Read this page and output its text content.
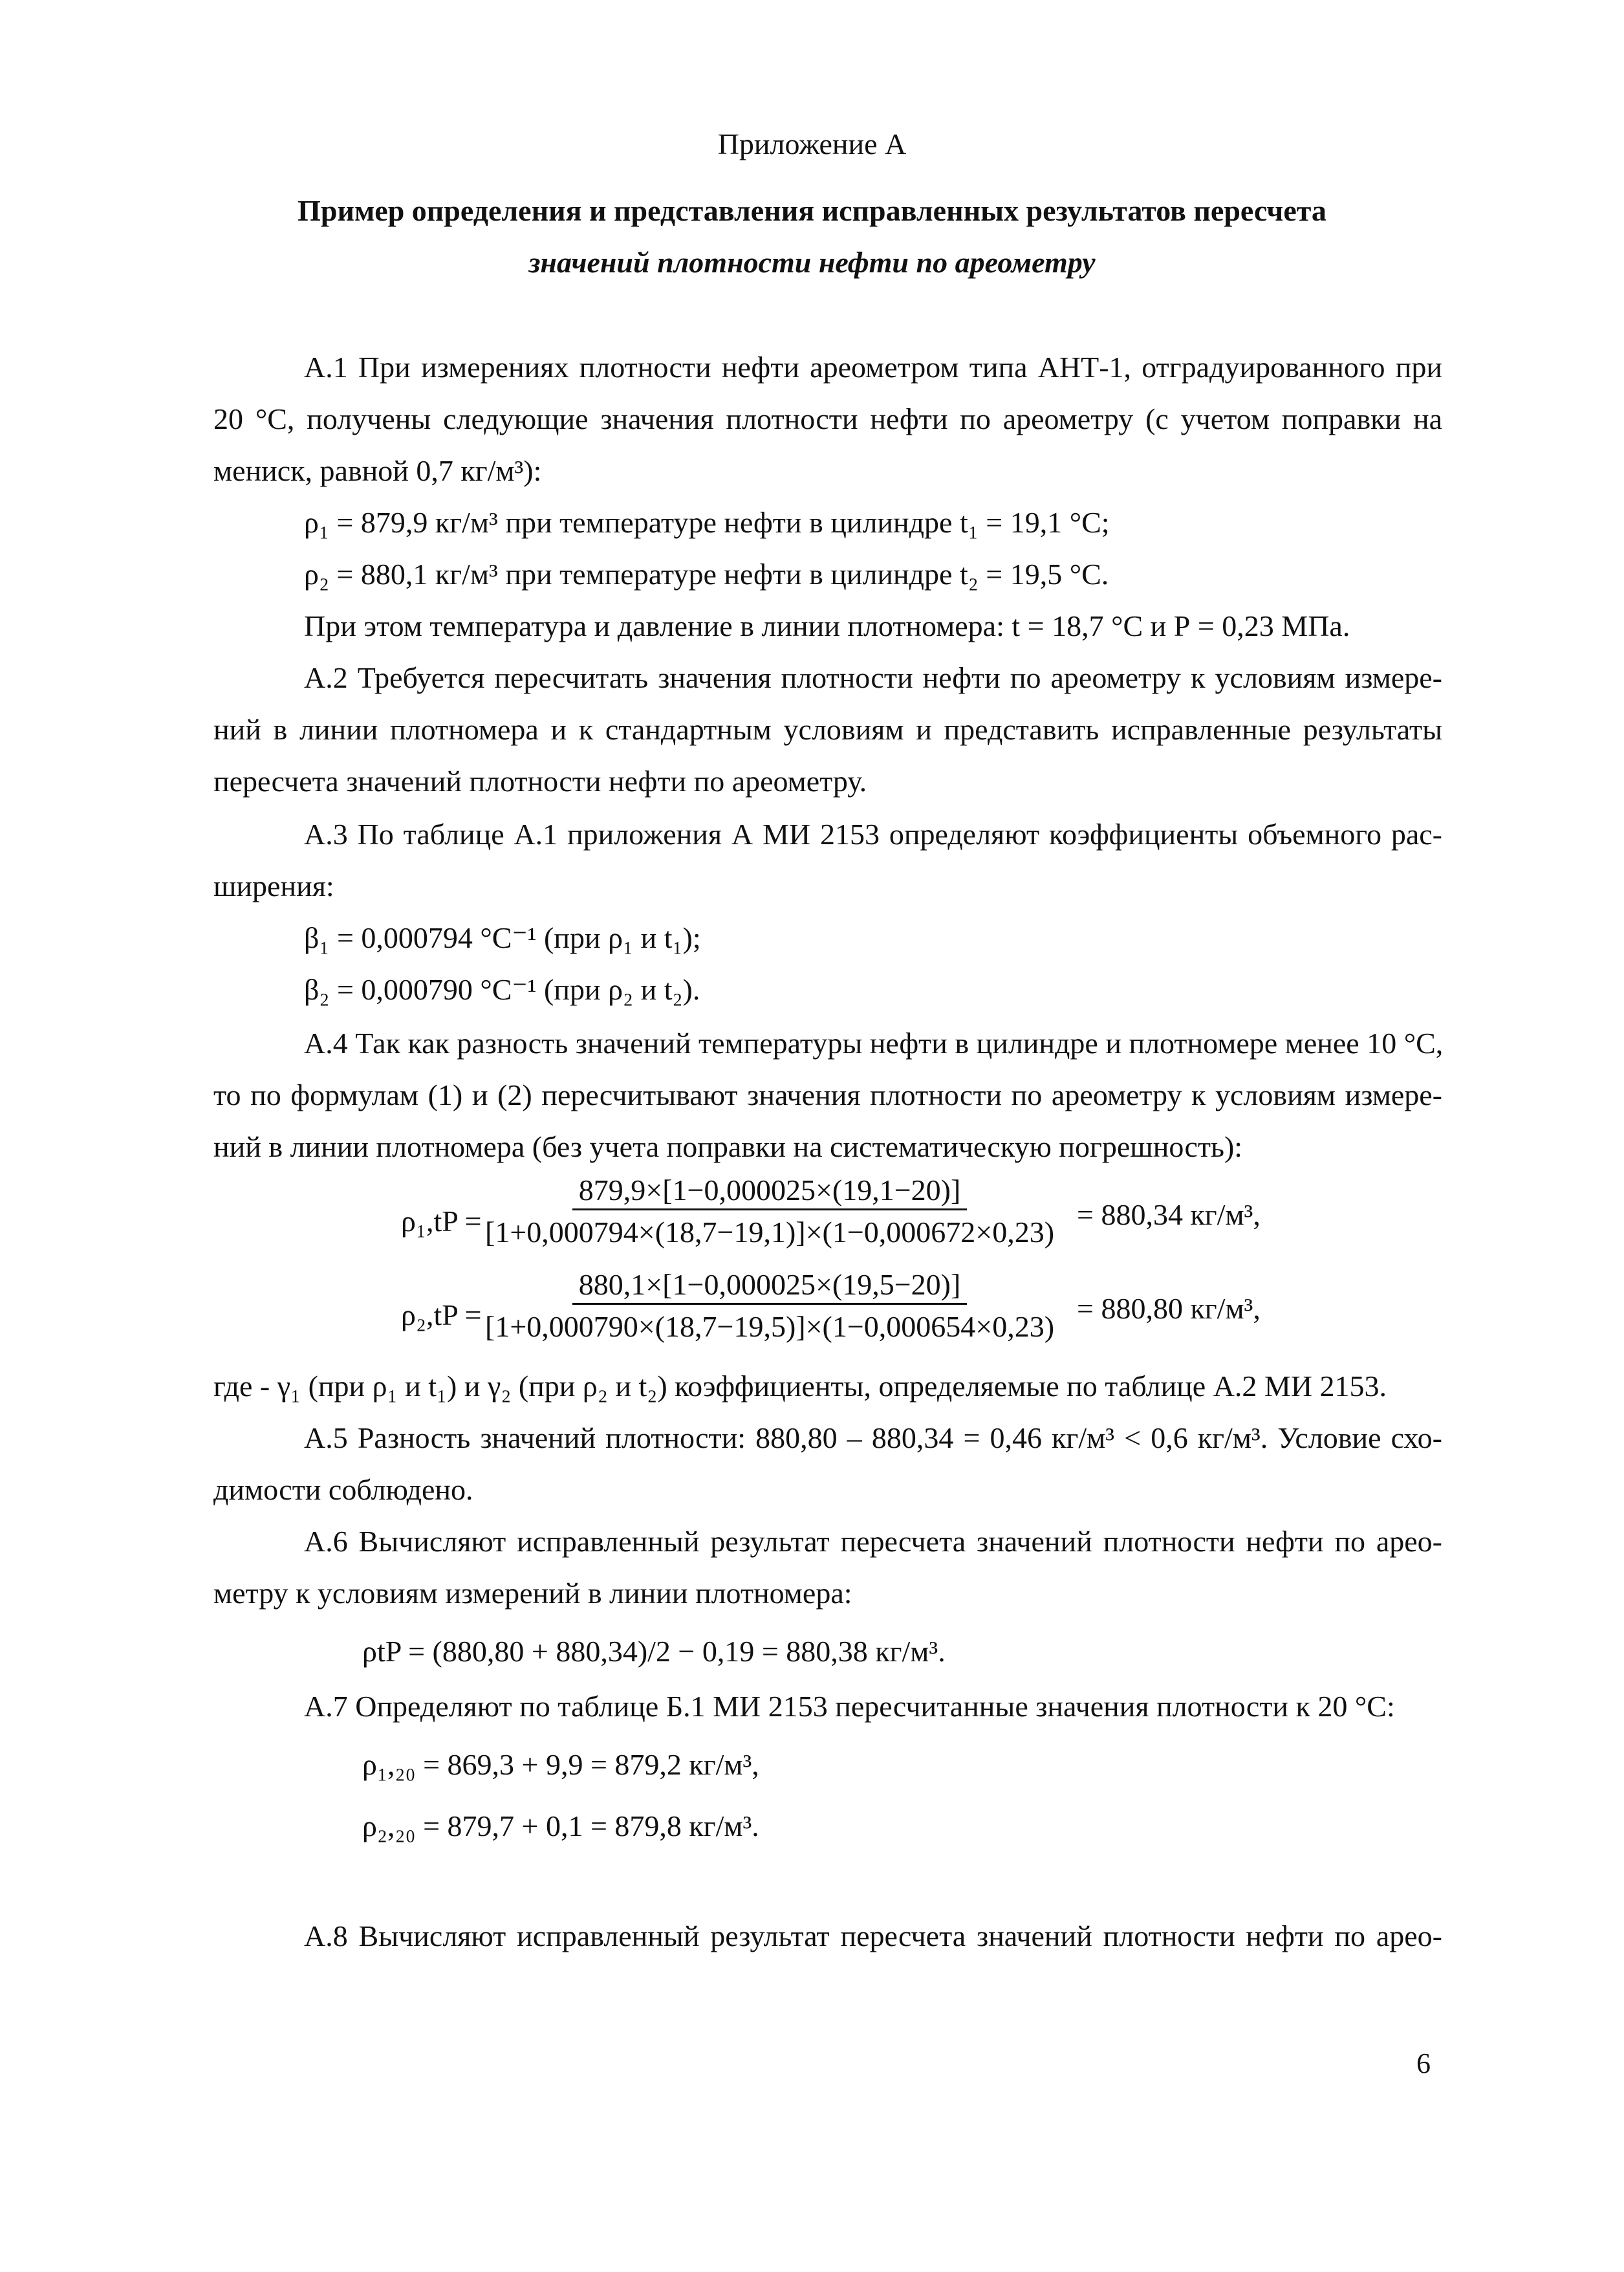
Приложение А
Пример определения и представления исправленных результатов пересчета
значений плотности нефти по ареометру
А.1 При измерениях плотности нефти ареометром типа АНТ-1, отградуированного при
20 °С, получены следующие значения плотности нефти по ареометру (с учетом поправки на
мениск, равной 0,7 кг/м³):
ρ₁ = 879,9 кг/м³ при температуре нефти в цилиндре t₁ = 19,1 °С;
ρ₂ = 880,1 кг/м³ при температуре нефти в цилиндре t₂ = 19,5 °С.
При этом температура и давление в линии плотномера: t = 18,7 °С и Р = 0,23 МПа.
А.2 Требуется пересчитать значения плотности нефти по ареометру к условиям измере-
ний в линии плотномера и к стандартным условиям и представить исправленные результаты
пересчета значений плотности нефти по ареометру.
А.3 По таблице А.1 приложения А МИ 2153 определяют коэффициенты объемного рас-
ширения:
β₁ = 0,000794 °С⁻¹ (при ρ₁ и t₁);
β₂ = 0,000790 °С⁻¹ (при ρ₂ и t₂).
А.4 Так как разность значений температуры нефти в цилиндре и плотномере менее 10 °С,
то по формулам (1) и (2) пересчитывают значения плотности по ареометру к условиям измере-
ний в линии плотномера (без учета поправки на систематическую погрешность):
ρ₁,tP =
$\frac{879,9\times[1-0,000025\times(19,1-20)]}{[1+0,000794\times(18,7-19,1)]\times(1-0,000672\times 0,23)} = 880,34$ кг/м³,
ρ₂,tP =
$\frac{880,1\times[1-0,000025\times(19,5-20)]}{[1+0,000790\times(18,7-19,5)]\times(1-0,000654\times 0,23)} = 880,80$ кг/м³,
где - γ₁ (при ρ₁ и t₁) и γ₂ (при ρ₂ и t₂) коэффициенты, определяемые по таблице А.2 МИ 2153.
А.5 Разность значений плотности: 880,80 – 880,34 = 0,46 кг/м³ < 0,6 кг/м³. Условие схо-
димости соблюдено.
А.6 Вычисляют исправленный результат пересчета значений плотности нефти по арео-
метру к условиям измерений в линии плотномера:
ρtP = (880,80 + 880,34)/2 − 0,19 = 880,38 кг/м³.
А.7 Определяют по таблице Б.1 МИ 2153 пересчитанные значения плотности к 20 °С:
ρ₁,₂₀ = 869,3 + 9,9 = 879,2 кг/м³,
ρ₂,₂₀ = 879,7 + 0,1 = 879,8 кг/м³.
А.8 Вычисляют исправленный результат пересчета значений плотности нефти по арео-
6
